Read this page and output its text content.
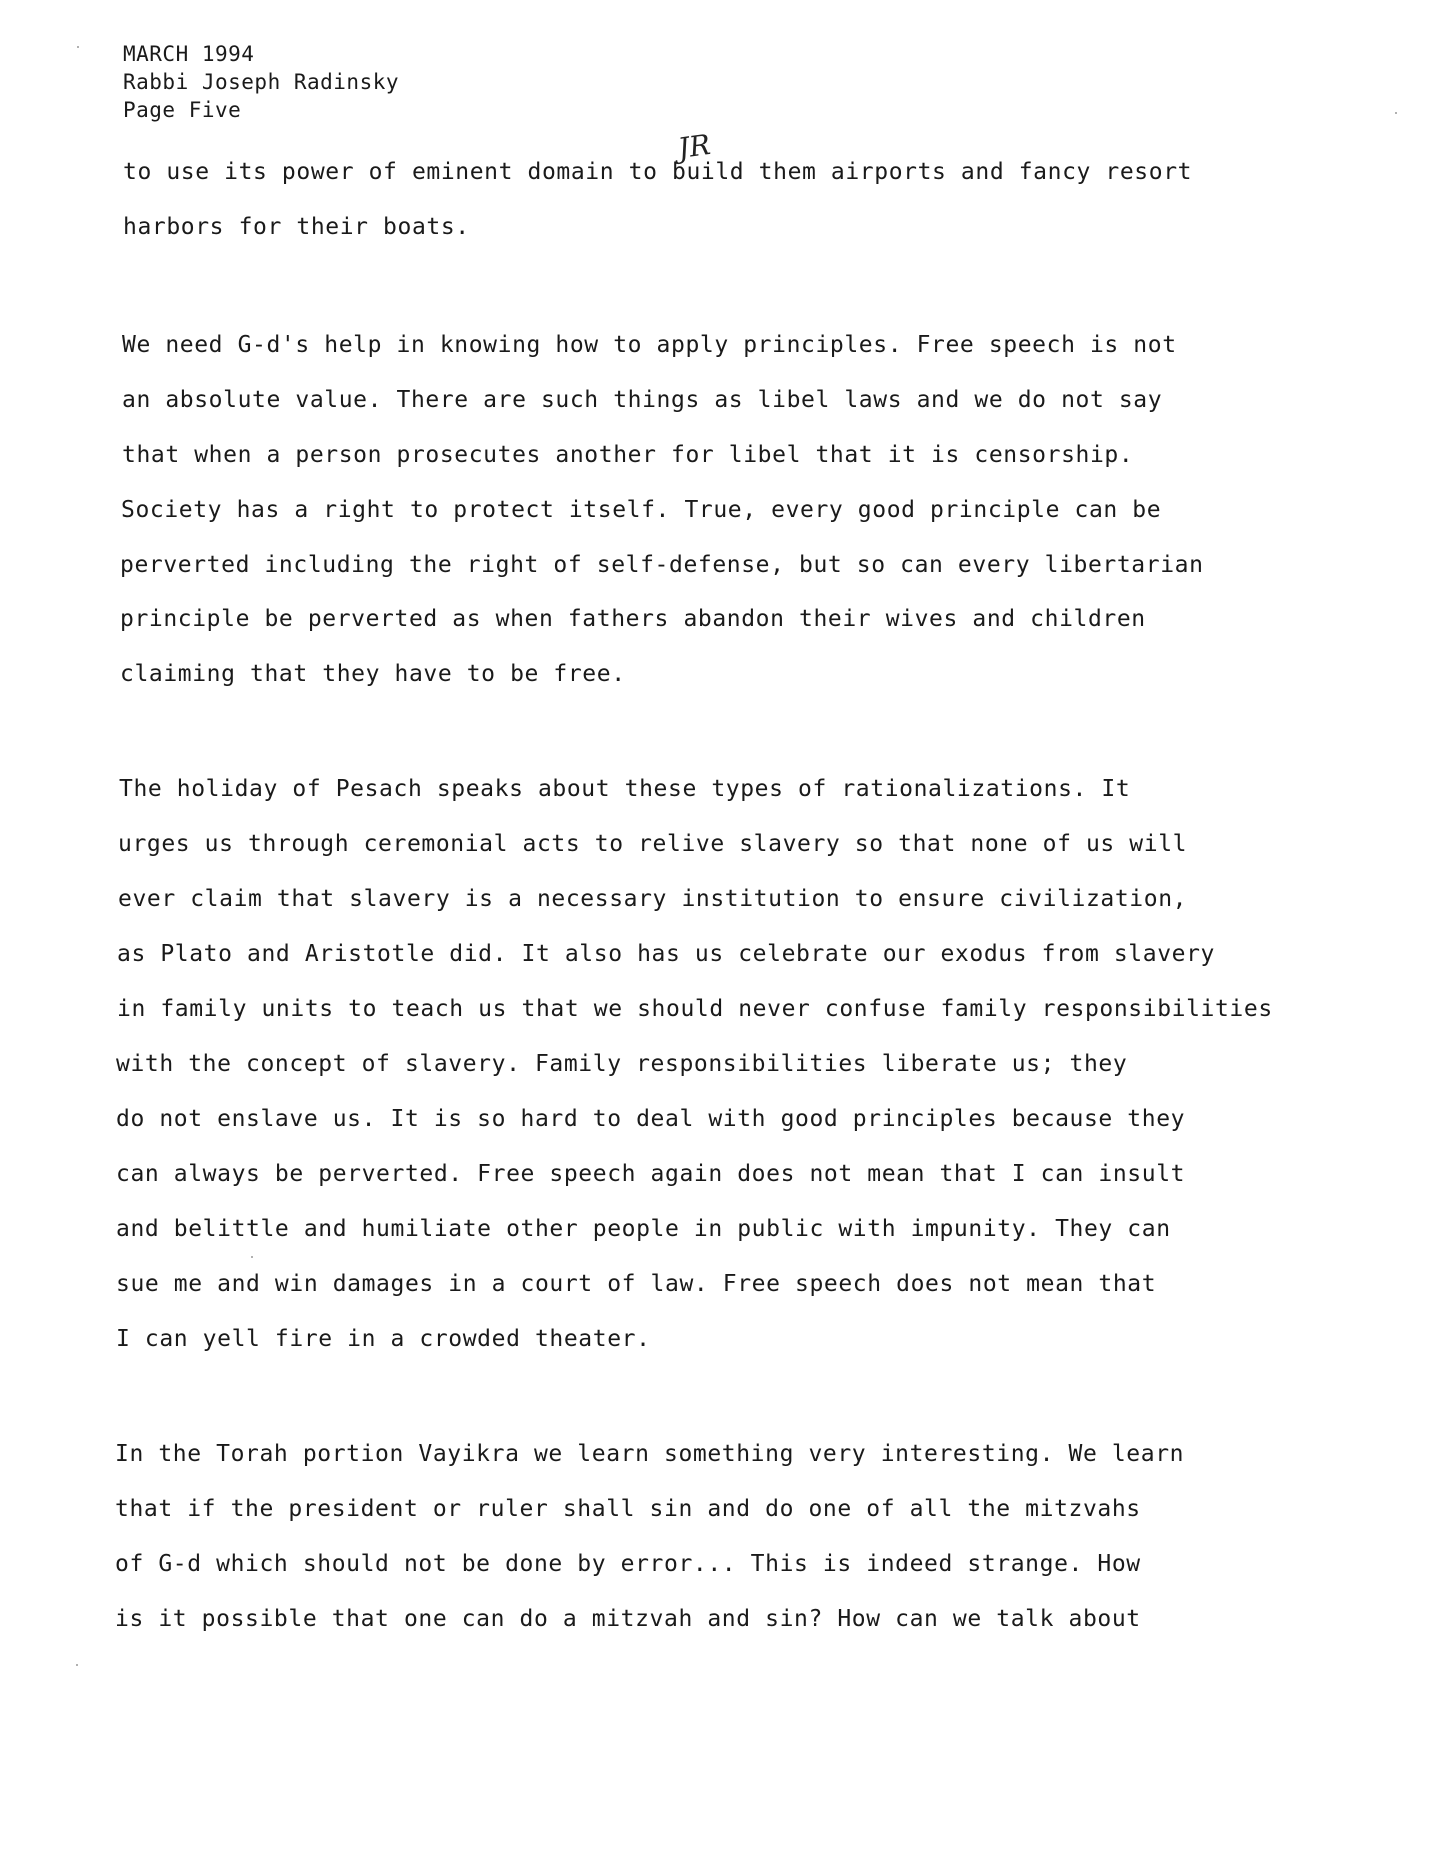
MARCH 1994
Rabbi Joseph Radinsky
Page Five
JR
to use its power of eminent domain to build them airports and fancy resort
harbors for their boats.
We need G-d's help in knowing how to apply principles. Free speech is not
an absolute value. There are such things as libel laws and we do not say
that when a person prosecutes another for libel that it is censorship.
Society has a right to protect itself. True, every good principle can be
perverted including the right of self-defense, but so can every libertarian
principle be perverted as when fathers abandon their wives and children
claiming that they have to be free.
The holiday of Pesach speaks about these types of rationalizations. It
urges us through ceremonial acts to relive slavery so that none of us will
ever claim that slavery is a necessary institution to ensure civilization,
as Plato and Aristotle did. It also has us celebrate our exodus from slavery
in family units to teach us that we should never confuse family responsibilities
with the concept of slavery. Family responsibilities liberate us; they
do not enslave us. It is so hard to deal with good principles because they
can always be perverted. Free speech again does not mean that I can insult
and belittle and humiliate other people in public with impunity. They can
sue me and win damages in a court of law. Free speech does not mean that
I can yell fire in a crowded theater.
In the Torah portion Vayikra we learn something very interesting. We learn
that if the president or ruler shall sin and do one of all the mitzvahs
of G-d which should not be done by error... This is indeed strange. How
is it possible that one can do a mitzvah and sin? How can we talk about
